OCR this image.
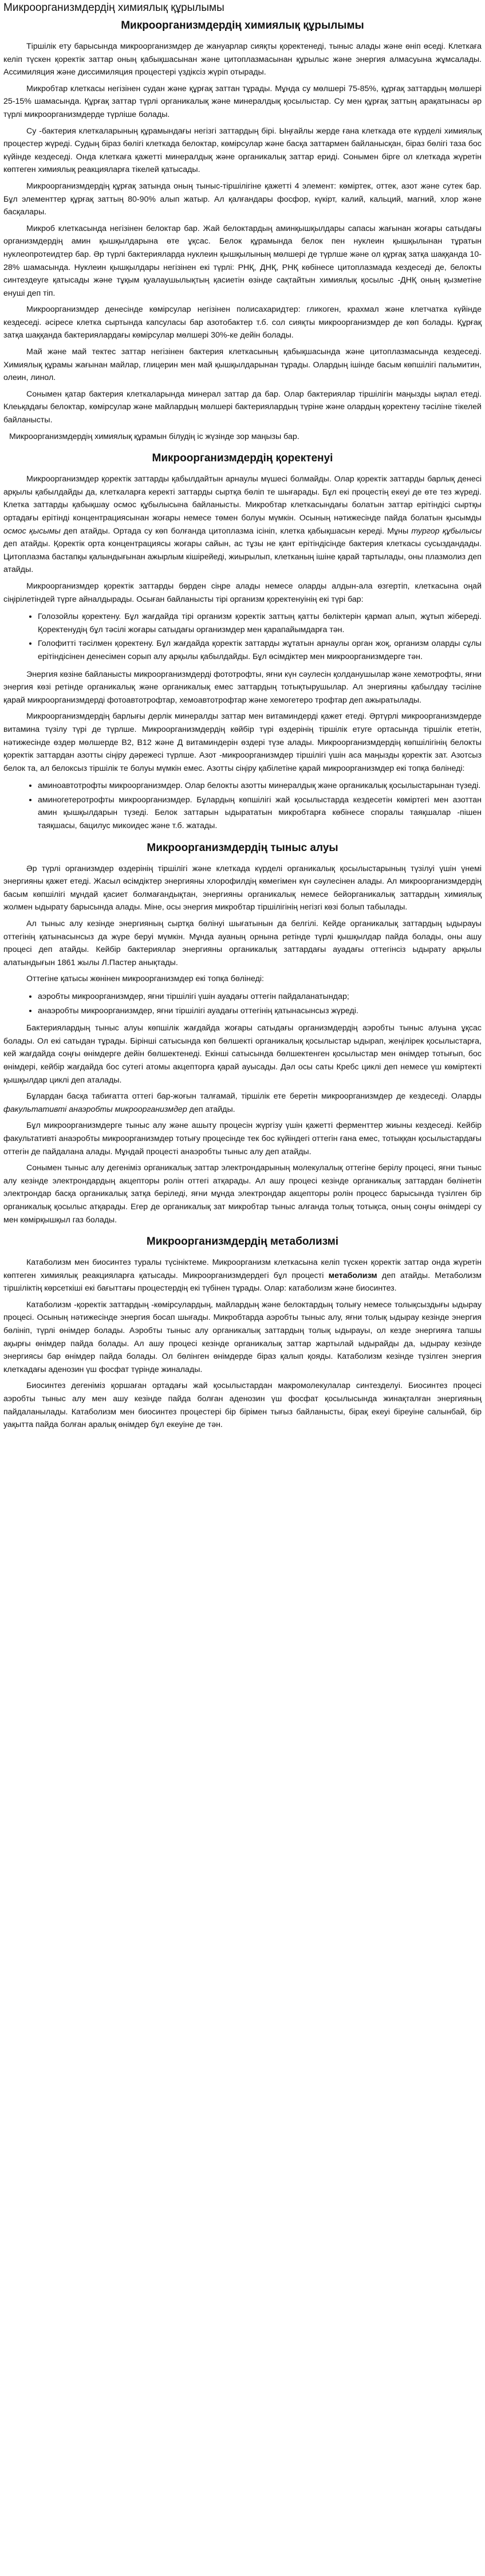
Микроорганизмдердің химиялық құрылымы
Микроорганизмдердің химиялық құрылымы

Тіршілік ету барысында микроорганизмдер де жануарлар сияқты қоректенеді, тыныс алады және өніп өседі. Клеткаға келіп түскен қоректік заттар оның қабықшасынан және цитоплазмасынан құрылыс және энергия алмасуына жұмсалады. Ассимиляция және диссимиляция процестері үздіксіз жүріп отырады.

Микробтар клеткасы негізінен судан және құрғақ заттан тұрады. Мұнда су мөлшері 75-85%, құрғақ заттардың мөлшері 25-15% шамасында. Құрғақ заттар түрлі органикалық және минералдық қосылыстар. Су мен құрғақ заттың арақатынасы әр түрлі микроорганизмдерде түрліше болады.

Су -бактерия клеткаларының құрамындағы негізгі заттардың бірі. Ыңғайлы жерде ғана клеткада өте күрделі химиялық процестер жүреді. Судың біраз бөлігі клеткада белоктар, көмірсулар және басқа заттармен байланысқан, біраз бөлігі таза бос күйінде кездеседі. Онда клеткаға қажетті минералдық және органикалық заттар ериді. Сонымен бірге ол клеткада жүретін көптеген химиялық реакцияларға тікелей қатысады.

Микроорганизмдердің құрғақ затында оның тыныс-тіршілігіне қажетті 4 элемент: көміртек, оттек, азот және сутек бар. Бұл элементтер құрғақ заттың 80-90% алып жатыр. Ал қалғандары фосфор, күкірт, калий, кальций, магний, хлор және басқалары.

Микроб клеткасында негізінен белоктар бар. Жай белоктардың аминқышқылдары сапасы жағынан жоғары сатыдағы организмдердің амин қышқылдарына өте ұқсас. Белок құрамында белок пен нуклеин қышқылынан тұратын нуклеопротеидтер бар. Әр түрлі бактерияларда нуклеин қышқылының мөлшері де түрлше және ол құрғақ затқа шаққанда 10-28% шамасында. Нуклеин қышқылдары негізінен екі түрлі: РНҚ, ДНҚ, РНҚ көбінесе цитоплазмада кездеседі де, белокты синтездеуге қатысады және тұқым қуалаушылықтың қасиетін өзінде сақтайтын химиялық қосылыс -ДНҚ оның қызметіне енуші деп тіп.

Микроорганизмдер денесінде көмірсулар негізінен полисахаридтер: гликоген, крахмал және клетчатка күйінде кездеседі. әсіресе клетка сыртында капсуласы бар азотобактер т.б. сол сияқты микроорганизмдер де көп болады. Құрғақ затқа шаққанда бактериялардағы көмірсулар мөлшері 30%-ке дейін болады.

Май және май тектес заттар негізінен бактерия клеткасының қабықшасында және цитоплазмасында кездеседі. Химиялық құрамы жағынан майлар, глицерин мен май қышқылдарынан тұрады. Олардың ішінде басым көпшілігі пальмитин, олеин, линол.

Сонымен қатар бактерия клеткаларында минерал заттар да бар. Олар бактериялар тіршілігін маңызды ықпал етеді. Клеьқадағы белоктар, көмірсулар және майлардың мөлшері бактериялардың түріне және олардың қоректену тәсіліне тікелей байланысты.

Микроорганизмдердің химиялық құрамын білудің іс жүзінде зор маңызы бар.

Микроорганизмдердің қоректенуі

Микроорганизмдер қоректік заттарды қабылдайтын арнаулы мүшесі болмайды. Олар қоректік заттарды барлық денесі арқылы қабылдайды да, клеткаларға керекті заттарды сыртқа бөліп те шығарады. Бұл екі процестің екеуі де өте тез жүреді. Клетка заттарды қабықшау осмос құбылысына байланысты. Микробтар клеткасындағы болатын заттар ерітіндісі сыртқы ортадағы ерітінді концентрациясынан жоғары немесе төмен болуы мүмкін. Осының нәтижесінде пайда болатын қысымды осмос қысымы деп атайды. Ортада су көп болғанда цитоплазма ісініп, клетка қабықшасын кереді. Мұны тургор құбылысы деп атайды. Қоректік орта концентрациясы жоғары сайын, ас тұзы не қант ерітіндісінде бактерия клеткасы сусыздандады. Цитоплазма бастапқы қалындығынан ажырлым кішірейеді, жиырылып, клетканың ішіне қарай тартылады, оны плазмолиз деп атайды.

Микроорганизмдер қоректік заттарды бөрден сіңре алады немесе оларды алдын-ала өзгертіп, клеткасына оңай сіңірілетіндей түрге айналдырады. Осыған байланысты тірі организм қоректенуінің екі түрі бар:

• Голозойлы қоректену. Бұл жағдайда тірі организм қоректік заттың қатты бөліктерін қармап алып, жұтып жібереді. Қоректенудің бұл тәсілі жоғары сатыдағы организмдер мен қарапайымдарға тән.
• Голофитті тәсілмен қоректену. Бұл жағдайда қоректік заттарды жұтатын арнаулы орган жоқ, организм оларды сұлы ерітіндісінен денесімен сорып алу арқылы қабылдайды. Бұл өсімдіктер мен микроорганизмдерге тән.

Энергия көзіне байланысты микроорганизмдерді фототрофты, яғни күн сәулесін қолданушылар және хемотрофты, яғни энергия көзі ретінде органикалық және органикалық емес заттардың тотықтырушылар. Ал энергияны қабылдау тәсіліне қарай микроорганизмдерді фотоавтотрофтар, хемоавтотрофтар және хемогетеро трофтар деп ажыратылады.

Микроорганизмдердің барлығы дерлік минералды заттар мен витаминдерді қажет етеді. Әртүрлі микроорганизмдерде витамина түзілу түрі де түрлше. Микроорганизмдердің көйбір түрі өздерінің тіршілік етуге ортасында тіршілік ететін, нәтижесінде өздер мөлшерде В2, В12 және Д витаминдерін өздері түзе алады. Микроорганизмдердің көпшілігінің белокты қоректік заттардан азотты сіңіру дәрежесі түрлше. Азот -микроорганизмдер тіршілігі үшін аса маңызды қоректік зат. Азотсыз белок та, ал белоксыз тіршілік те болуы мүмкін емес. Азотты сіңіру қабілетіне қарай микроорганизмдер екі топқа бөлінеді:

• аминоавтотрофты микроорганизмдер. Олар белокты азотты минералдық және органикалық қосылыстарынан түзеді.
• аминогетеротрофты микроорганизмдер. Бұлардың көпшілігі жай қосылыстарда кездесетін көміртегі мен азоттан амин қышқылдарын түзеді. Белок заттарын ыдырататын микробтарға көбінесе споралы таяқшалар -пішен таяқшасы, бацилус микоидес және т.б. жатады.
Микроорганизмдердің тыныс алуы

Әр түрлі организмдер өздерінің тіршілігі және клеткада күрделі органикалық қосылыстарының түзілуі үшін үнемі энергияны қажет етеді. Жасыл өсімдіктер энергияны хлорофилдің көмегімен күн сәулесінен алады. Ал микроорганизмдердің басым көпшілігі мұндай қасиет болмағандықтан, энергияны органикалық немесе бейорганикалық заттардың химиялық жолмен ыдырату барысында алады. Мінe, осы энергия микробтар тіршілігінің негізгі көзі болып табылады.

Ал тыныс алу кезінде энергияның сыртқа бөлінуі шығатынын да белгілі. Кейде органикалық заттардың ыдырауы оттегінің қатынасынсыз да жүре беруі мүмкін. Мұнда ауаның орнына ретінде түрлі қышқылдар пайда болады, оны ашу процесі деп атайды. Кейбір бактериялар энергияны органикалық заттардағы ауадағы оттегінсіз ыдырату арқылы алатындығын 1861 жылы Л.Пастер анықтады.

Оттегіне қатысы жөнінен микроорганизмдер екі топқа бөлінеді:

• аэробты микроорганизмдер, яғни тіршілігі үшін ауадағы оттегін пайдаланатындар;
• анаэробты микроорганизмдер, яғни тіршілігі ауадағы оттегінің қатынасынсыз жүреді.

Бактериялардың тыныс алуы көпшілік жағдайда жоғары сатыдағы организмдердің аэробты тыныс алуына ұқсас болады. Ол екі сатыдан тұрады. Бірінші сатысында көп бөлшекті органикалық қосылыстар ыдырап, жеңілірек қосылыстарға, кей жағдайда соңғы өнімдерге дейін бөлшектенеді. Екінші сатысында бөлшектенген қосылыстар мен өнімдер тотығып, бос өнімдері, кейбір жағдайда бос сутегі атомы акцепторға қарай ауысады. Дәл осы саты Кребс циклі деп немесе үш көміртекті қышқылдар циклі деп аталады.

Бұлардан басқа табиғатта оттегі бар-жоғын талғамай, тіршілік ете беретін микроорганизмдер де кездеседі. Оларды факультативті анаэробты микроорганизмдер деп атайды.

Бұл микроорганизмдерге тыныс алу және ашыту процесін жүргізу үшін қажетті ферменттер жиыны кездеседі. Кейбір факультативті анаэробты микроорганизмдер тотығу процесінде тек бос күйіндегі оттегін ғана емес, тотыққан қосылыстардағы оттегін де пайдалана алады. Мұндай процесті анаэробты тыныс алу деп атайды.

Сонымен тыныс алу дегеніміз органикалық заттар электрондарының молекулалық оттегіне берілу процесі, яғни тыныс алу кезінде электрондардың акцепторы ролін оттегі атқарады. Ал ашу процесі кезінде органикалық заттардан бөлінетін электрондар басқа органикалық затқа беріледі, яғни мұнда электрондар акцепторы ролін процесс барысында түзілген бір органикалық қосылыс атқарады. Егер де органикалық зат микробтар тыныс алғанда толық тотықса, оның соңғы өнімдері су мен көмірқышқыл газ болады.

Микроорганизмдердің метаболизмі

Катаболизм мен биосинтез туралы түсініктеме. Микроорганизм клеткасына келіп түскен қоректік заттар онда жүретін көптеген химиялық реакцияларға қатысады. Микроорганизмдердегі бұл процесті метаболизм деп атайды. Метаболизм тіршіліктің көрсеткіші екі бағыттағы процестердің екі түбінен тұрады. Олар: катаболизм және биосинтез.

Катаболизм -қоректік заттардың -көмірсулардың, майлардың және белоктардың толығу немесе толықсыздығы ыдырау процесі. Осының нәтижесінде энергия босап шығады. Микробтарда аэробты тыныс алу, яғни толық ыдырау кезінде энергия бөлініп, түрлі өнімдер болады. Аэробты тыныс алу органикалық заттардың толық ыдырауы, ол кезде энергияға тапшы ақырғы өнімдер пайда болады. Ал ашу процесі кезінде органикалық заттар жартылай ыдырайды да, ыдырау кезінде энергиясы бар өнімдер пайда болады. Ол бөлінген өнімдерде біраз қалып қояды. Катаболизм кезінде түзілген энергия клеткадағы аденозин үш фосфат түрінде жиналады.

Биосинтез дегеніміз қоршаған ортадағы жай қосылыстардан макромолекулалар синтезделуі. Биосинтез процесі аэробты тыныс алу мен ашу кезінде пайда болған аденозин үш фосфат қосылысында жинақталған энергияның пайдаланылады. Катаболизм мен биосинтез процестері бір бірімен тығыз байланысты, бірақ екеуі біреуіне салынбай, бір уақытта пайда болған аралық өнімдер бұл екеуіне де тән.
